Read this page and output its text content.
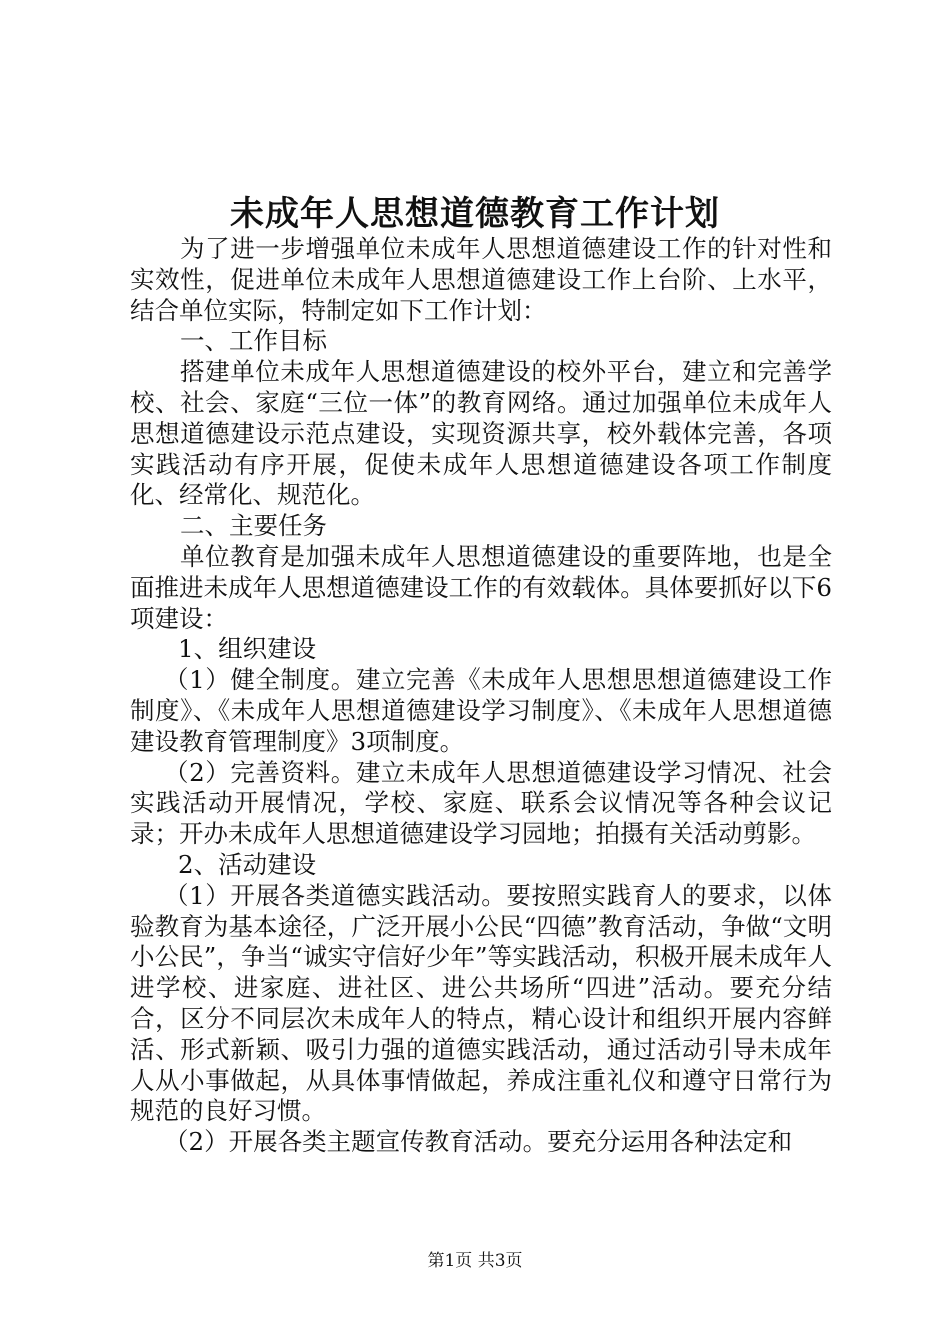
未成年人思想道德教育工作计划

为了进一步增强单位未成年人思想道德建设工作的针对性和实效性，促进单位未成年人思想道德建设工作上台阶、上水平，结合单位实际，特制定如下工作计划：

一、工作目标

搭建单位未成年人思想道德建设的校外平台，建立和完善学校、社会、家庭“三位一体”的教育网络。通过加强单位未成年人思想道德建设示范点建设，实现资源共享，校外载体完善，各项实践活动有序开展，促使未成年人思想道德建设各项工作制度化、经常化、规范化。

二、主要任务

单位教育是加强未成年人思想道德建设的重要阵地，也是全面推进未成年人思想道德建设工作的有效载体。具体要抓好以下6项建设：

1、组织建设

（1）健全制度。建立完善《未成年人思想思想道德建设工作制度》、《未成年人思想道德建设学习制度》、《未成年人思想道德建设教育管理制度》3项制度。

（2）完善资料。建立未成年人思想道德建设学习情况、社会实践活动开展情况，学校、家庭、联系会议情况等各种会议记录；开办未成年人思想道德建设学习园地；拍摄有关活动剪影。

2、活动建设

（1）开展各类道德实践活动。要按照实践育人的要求，以体验教育为基本途径，广泛开展小公民“四德”教育活动，争做“文明小公民”，争当“诚实守信好少年”等实践活动，积极开展未成年人进学校、进家庭、进社区、进公共场所“四进”活动。要充分结合，区分不同层次未成年人的特点，精心设计和组织开展内容鲜活、形式新颖、吸引力强的道德实践活动，通过活动引导未成年人从小事做起，从具体事情做起，养成注重礼仪和遵守日常行为规范的良好习惯。

（2）开展各类主题宣传教育活动。要充分运用各种法定和

第1页 共3页
